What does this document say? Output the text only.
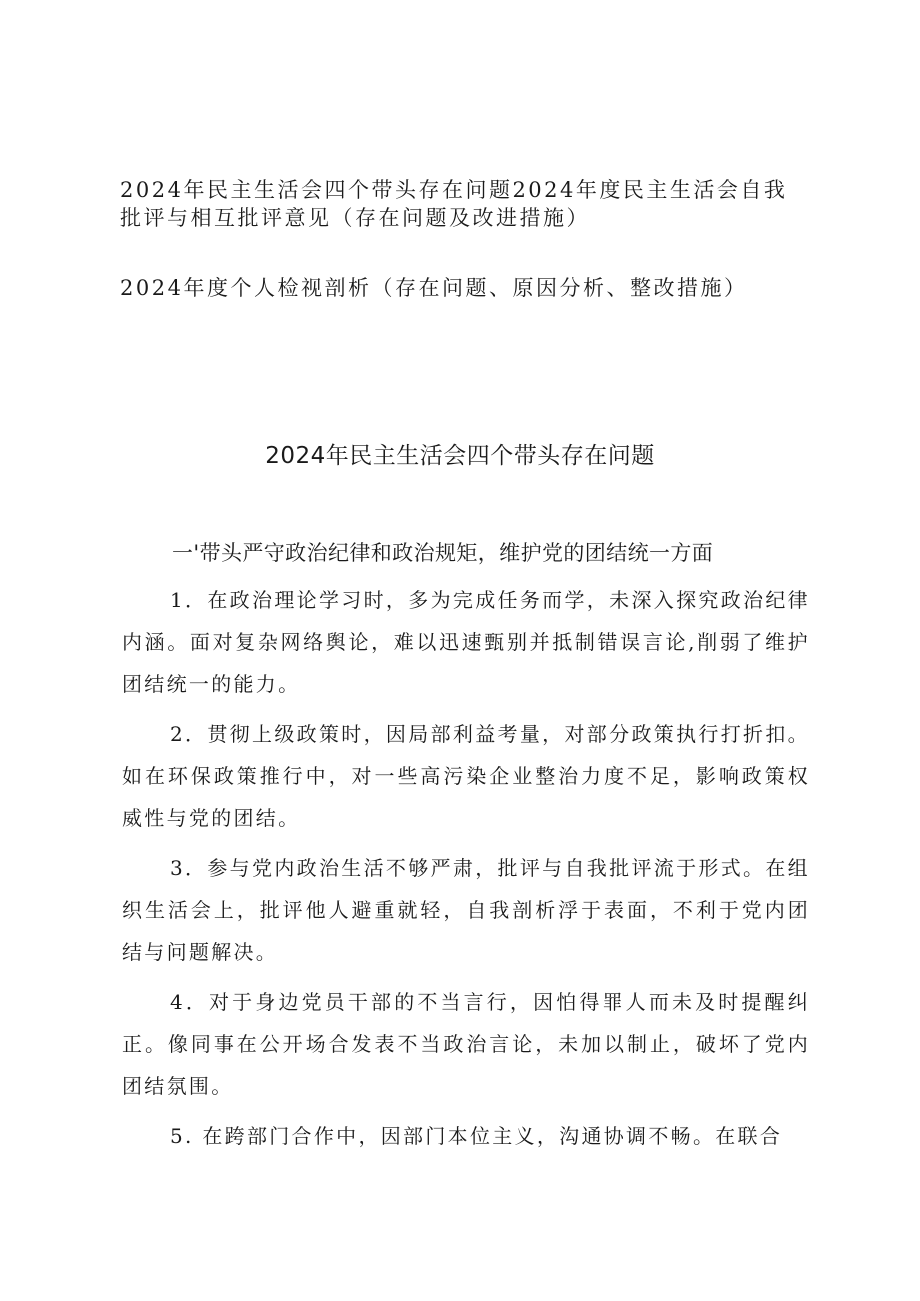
2024年民主生活会四个带头存在问题2024年度民主生活会自我批评与相互批评意见（存在问题及改进措施）

2024年度个人检视剖析（存在问题、原因分析、整改措施）

2024年民主生活会四个带头存在问题
一'带头严守政治纪律和政治规矩，维护党的团结统一方面

1．在政治理论学习时，多为完成任务而学，未深入探究政治纪律内涵。面对复杂网络舆论，难以迅速甄别并抵制错误言论,削弱了维护团结统一的能力。

2．贯彻上级政策时，因局部利益考量，对部分政策执行打折扣。如在环保政策推行中，对一些高污染企业整治力度不足，影响政策权威性与党的团结。

3．参与党内政治生活不够严肃，批评与自我批评流于形式。在组织生活会上，批评他人避重就轻，自我剖析浮于表面，不利于党内团结与问题解决。

4．对于身边党员干部的不当言行，因怕得罪人而未及时提醒纠正。像同事在公开场合发表不当政治言论，未加以制止，破坏了党内团结氛围。

5. 在跨部门合作中，因部门本位主义，沟通协调不畅。在联合
